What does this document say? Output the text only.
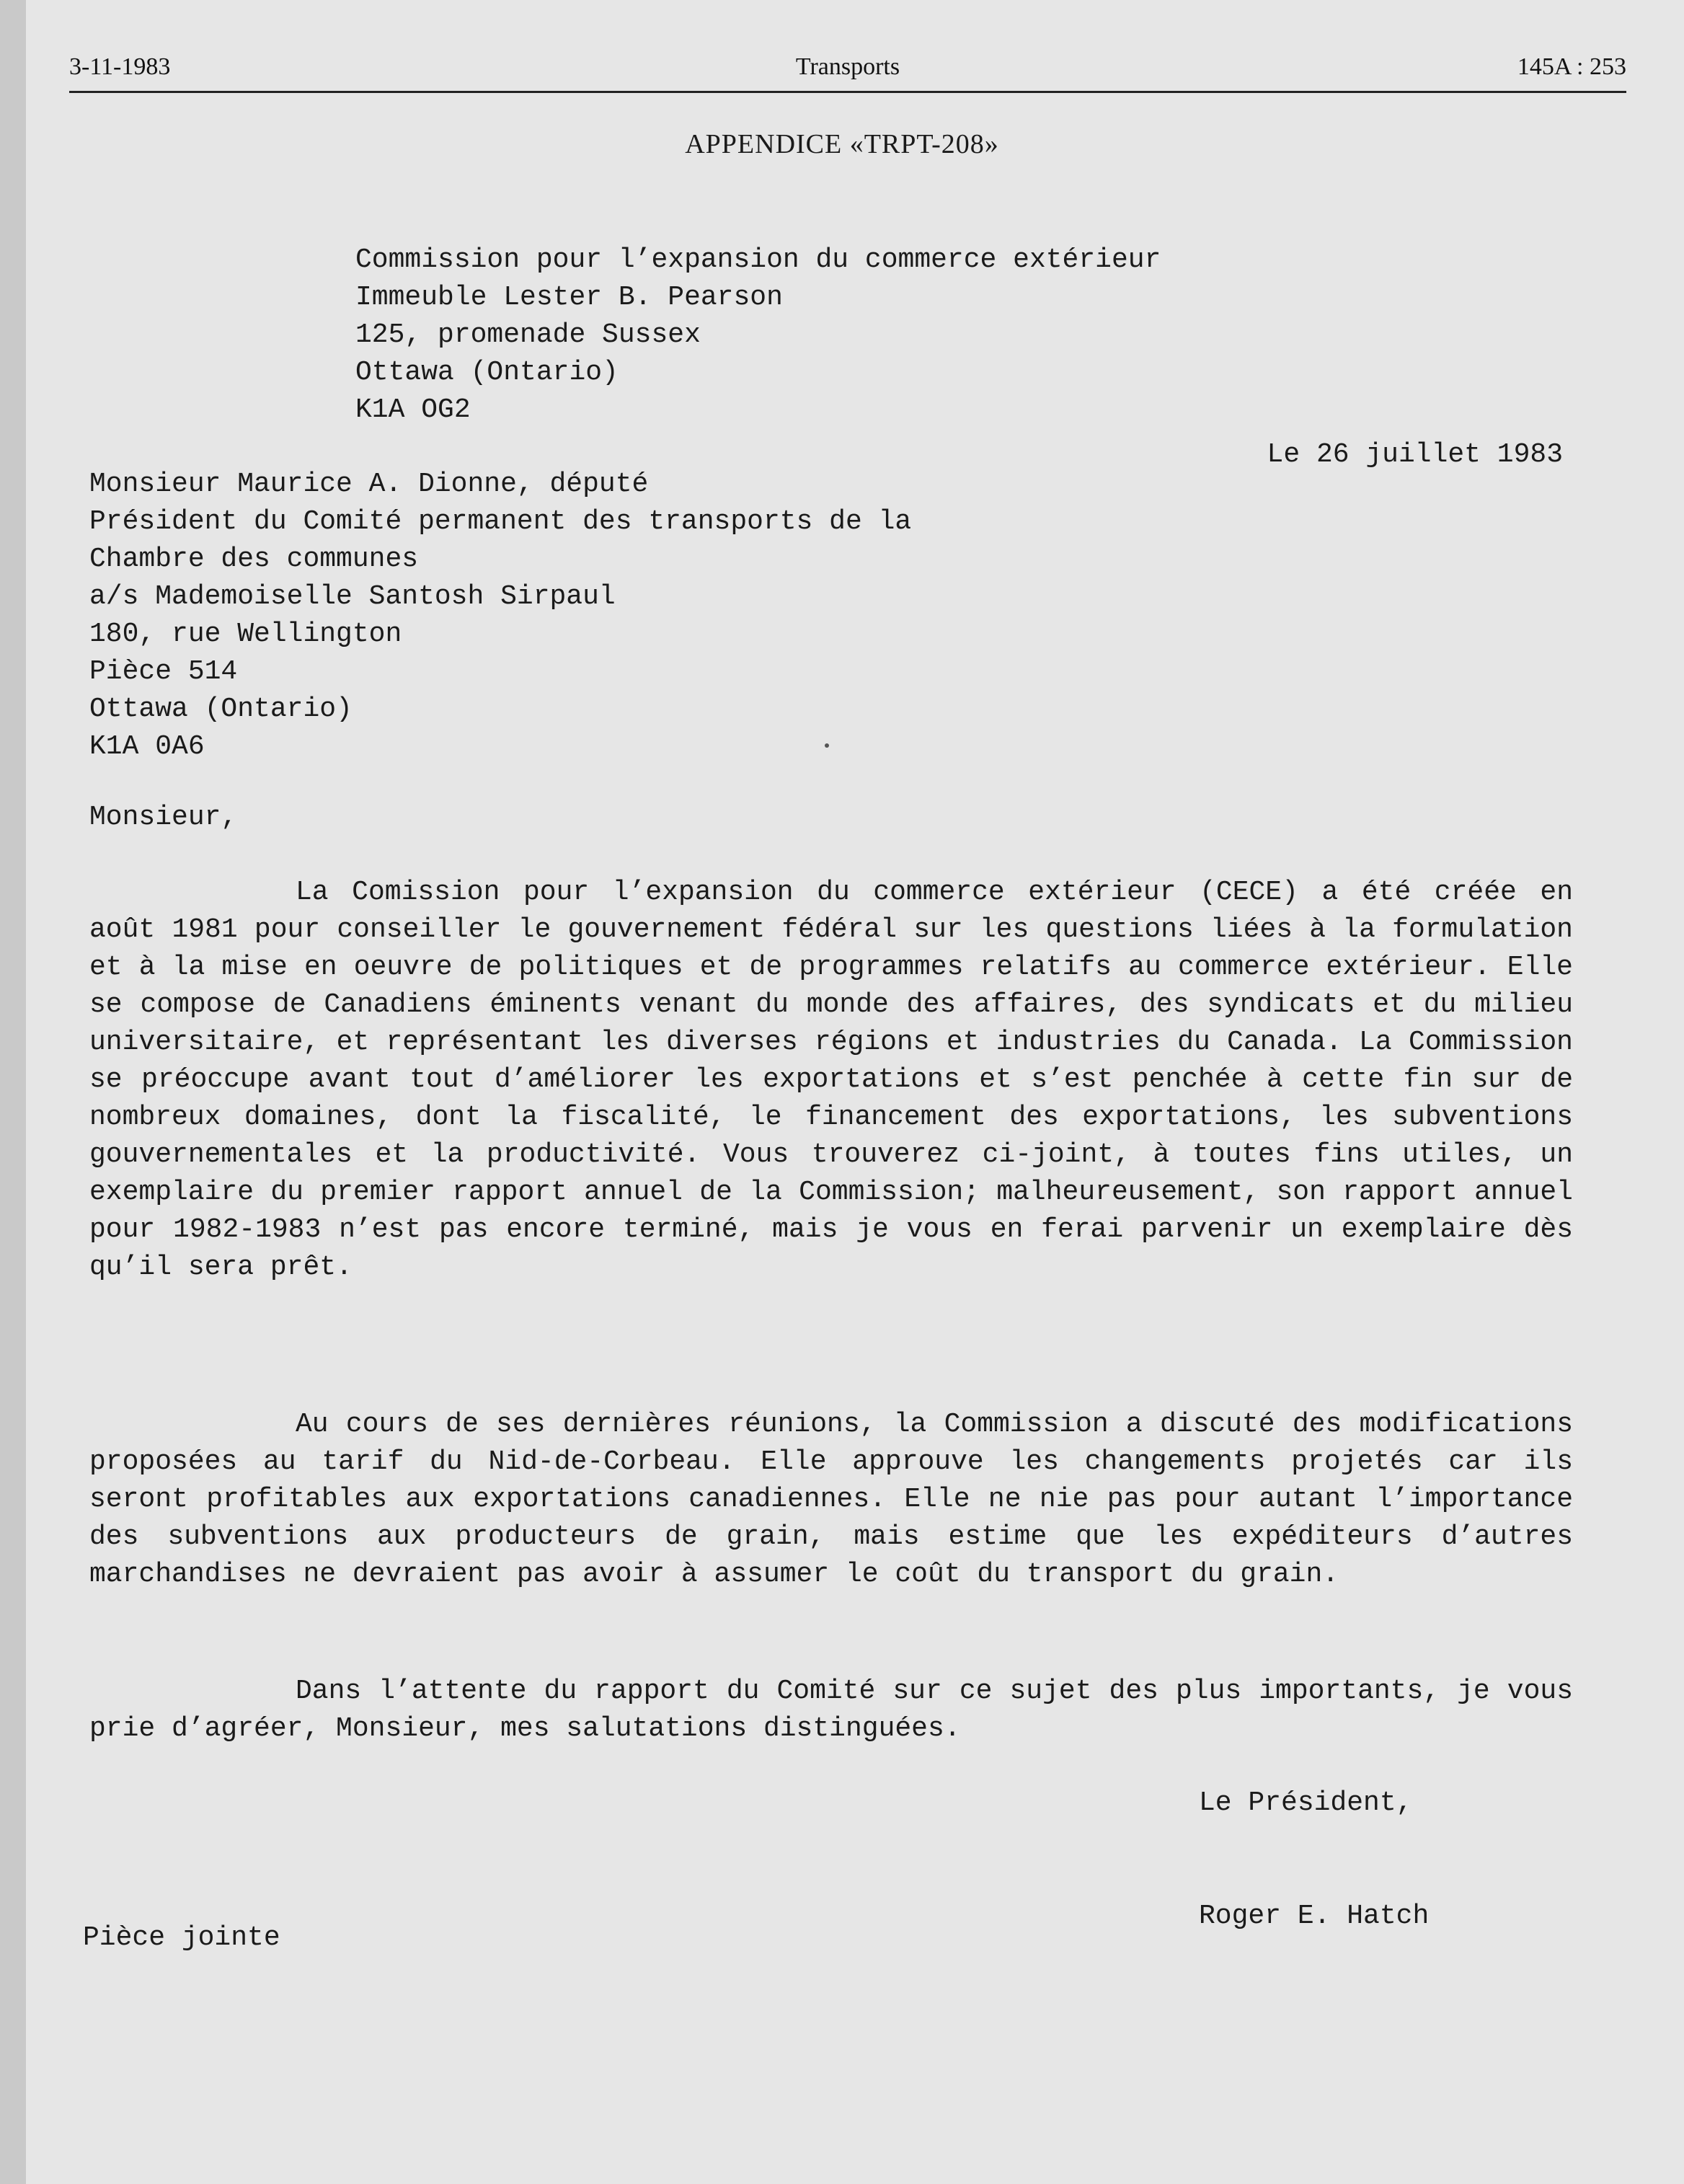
3-11-1983	Transports	145A : 253
APPENDICE «TRPT-208»
Commission pour l’expansion du commerce extérieur
Immeuble Lester B. Pearson
125, promenade Sussex
Ottawa (Ontario)
K1A OG2
Le 26 juillet 1983
Monsieur Maurice A. Dionne, député
Président du Comité permanent des transports de la
Chambre des communes
a/s Mademoiselle Santosh Sirpaul
180, rue Wellington
Pièce 514
Ottawa (Ontario)
K1A 0A6
Monsieur,
La Comission pour l’expansion du commerce extérieur (CECE) a été créée en août 1981 pour conseiller le gouvernement fédéral sur les questions liées à la formulation et à la mise en oeuvre de politiques et de programmes relatifs au commerce extérieur. Elle se compose de Canadiens éminents venant du monde des affaires, des syndicats et du milieu universitaire, et représentant les diverses régions et industries du Canada. La Commission se préoccupe avant tout d’améliorer les exportations et s’est penchée à cette fin sur de nombreux domaines, dont la fiscalité, le financement des exportations, les subventions gouvernementales et la productivité. Vous trouverez ci-joint, à toutes fins utiles, un exemplaire du premier rapport annuel de la Commission; malheureusement, son rapport annuel pour 1982-1983 n’est pas encore terminé, mais je vous en ferai parvenir un exemplaire dès qu’il sera prêt.
Au cours de ses dernières réunions, la Commission a discuté des modifications proposées au tarif du Nid-de-Corbeau. Elle approuve les changements projetés car ils seront profitables aux exportations canadiennes. Elle ne nie pas pour autant l’importance des subventions aux producteurs de grain, mais estime que les expéditeurs d’autres marchandises ne devraient pas avoir à assumer le coût du transport du grain.
Dans l’attente du rapport du Comité sur ce sujet des plus importants, je vous prie d’agréer, Monsieur, mes salutations distinguées.
Le Président,
Roger E. Hatch
Pièce jointe
